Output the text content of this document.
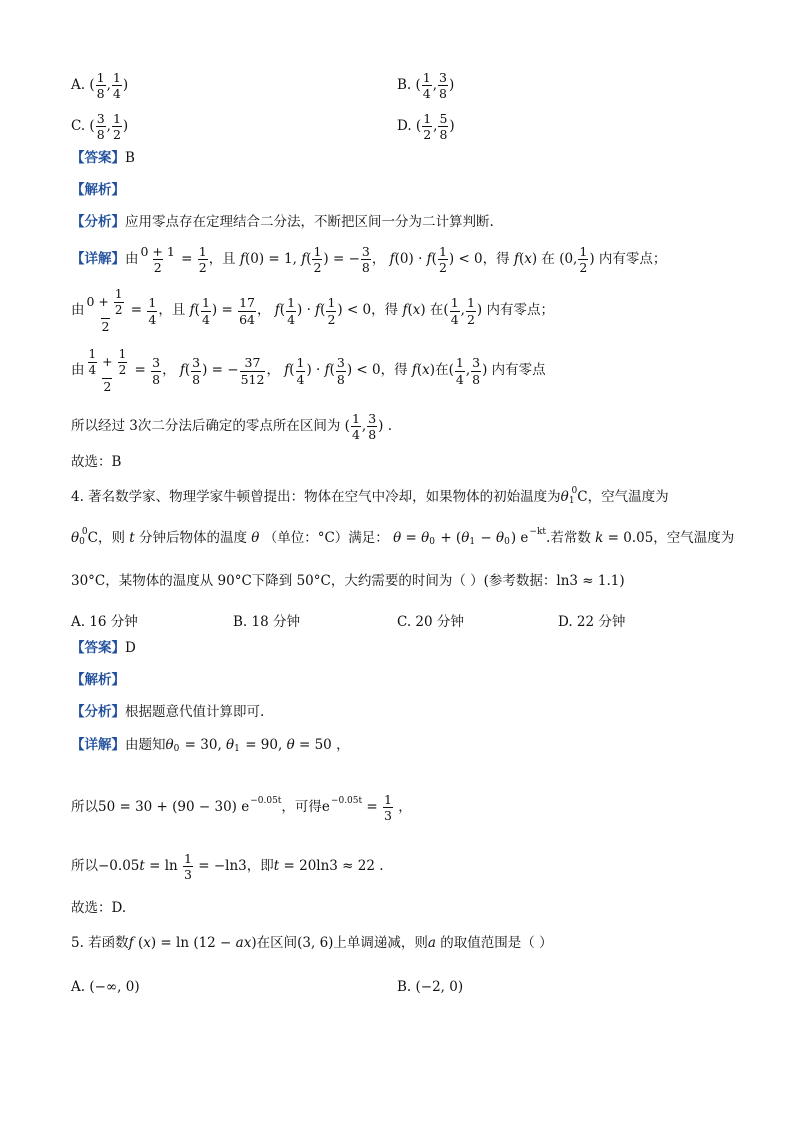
A. ( $\frac{1}{8}$ , $\frac{1}{4}$ )	B. ( $\frac{1}{4}$ , $\frac{3}{8}$ )
C. ( $\frac{3}{8}$ , $\frac{1}{2}$ )	D. ( $\frac{1}{2}$ , $\frac{5}{8}$ )
【答案】 B
【解析】
【分析】 应用零点存在定理结合二分法，不断把区间一分为二计算判断.
【详解】 由 $\frac{0 + 1}{2} = \frac{1}{2}$ ，且
f (0) = 1, f ( $\frac{1}{2}$ ) = − $\frac{3}{8}$ ， f (0) · f ( $\frac{1}{2}$ ) < 0 ，得
f ( x ) 在 (0, $\frac{1}{2}$ ) 内有零点；
由 $\frac{0 + \frac{1}{2}}{2} = \frac{1}{4}$ ，且
f ( $\frac{1}{4}$ ) = $\frac{17}{64}$ ， f ( $\frac{1}{4}$ ) · f ( $\frac{1}{2}$ ) < 0 ，得
f ( x ) 在 ( $\frac{1}{4}$ , $\frac{1}{2}$ ) 内有零点；
由 $\frac{\frac{1}{4} + \frac{1}{2}}{2} = \frac{3}{8}$ ， f ( $\frac{3}{8}$ ) = − $\frac{37}{512}$ ， f ( $\frac{1}{4}$ ) · f ( $\frac{3}{8}$ ) < 0 ，得
f ( x ) 在 ( $\frac{1}{4}$ , $\frac{3}{8}$ ) 内有零点
所以经过 3次二分法后确定的零点所在区间为 ( $\frac{1}{4}$ , $\frac{3}{8}$ ) .
故选：B
4. 著名数学家、物理学家牛顿曾提出：物体在空气中冷却，如果物体的初始温度为 θ 1
0 C，空气温度为
θ 0
0 C，则
t
分钟后物体的温度
θ
（单位：°C）满足：
θ = θ 0 + ( θ 1 − θ 0 ) e −kt .若常数
k = 0.05 ，空气温度为
30°C，某物体的温度从 90°C下降到 50°C，大约需要的时间为（ ）(参考数据：ln3 ≈ 1.1)
A. 16 分钟	B. 18 分钟	C. 20 分钟	D. 22 分钟
【答案】 D
【解析】
【分析】 根据题意代值计算即可.
【详解】 由题知 θ 0 = 30, θ 1 = 90, θ = 50 ，
所以 50 = 30 + (90 − 30) e −0.05t ，可得 $e -0.05t = \frac{1}{3}$ ，
所以 −0.05 $t = \ln \frac{1}{3} = -\ln 3$ ，即 t = 20ln3 ≈ 22 .
故选：D.
5. 若函数 f ( x ) = ln (12 − ax ) 在区间 (3, 6) 上单调递减，则 a
的取值范围是（ ）
A. (−∞, 0)	B. (−2, 0)
